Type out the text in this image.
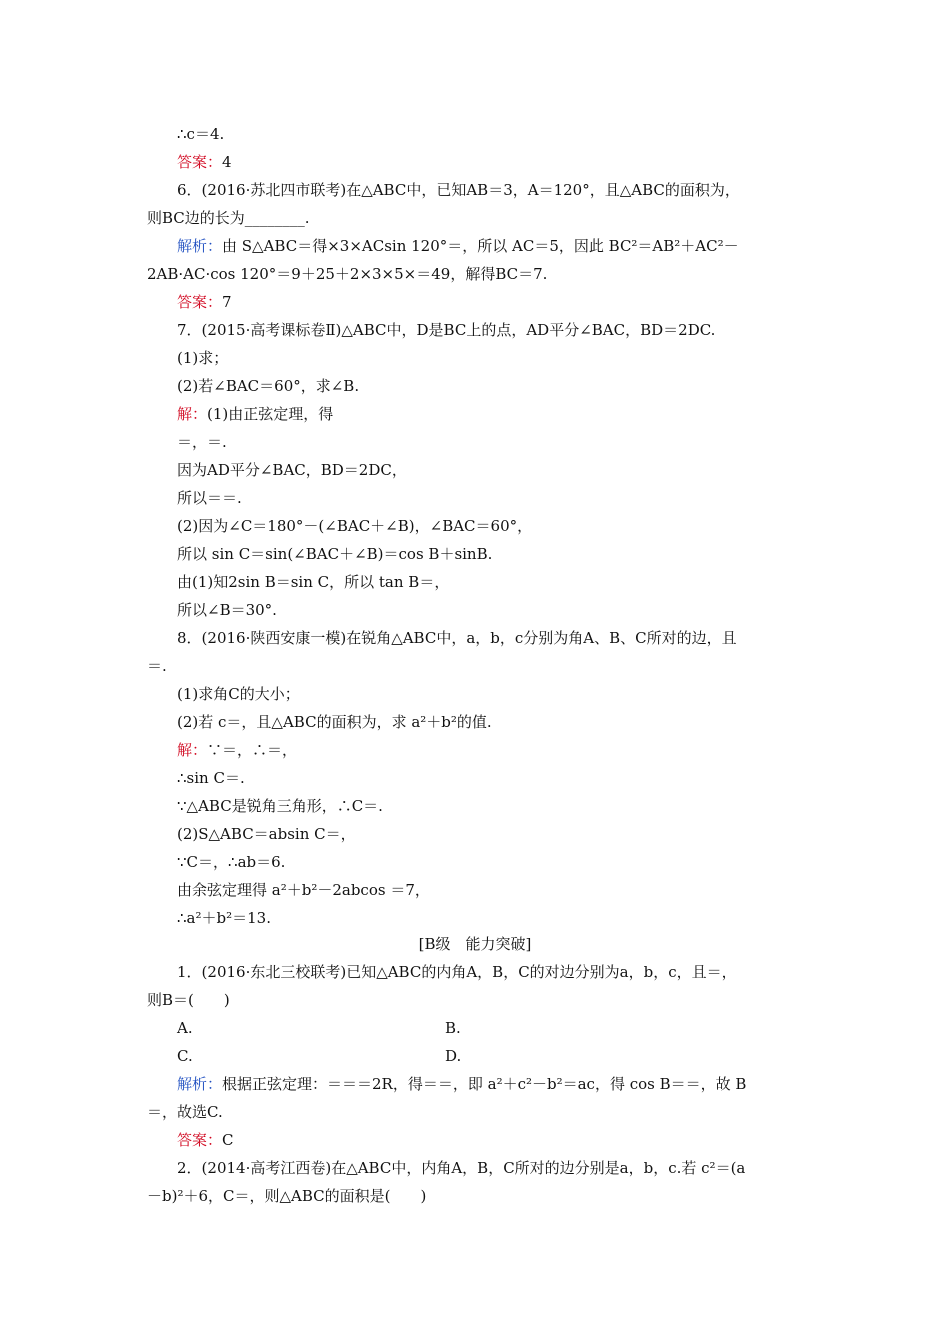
∴c＝4.
答案：4
6．(2016·苏北四市联考)在△ABC中，已知AB＝3，A＝120°，且△ABC的面积为，
则BC边的长为________.
解析：由 S△ABC＝得×3×ACsin 120°＝，所以 AC＝5，因此 BC²＝AB²＋AC²－
2AB·AC·cos 120°＝9＋25＋2×3×5×＝49，解得BC＝7.
答案：7
7．(2015·高考课标卷Ⅱ)△ABC中，D是BC上的点，AD平分∠BAC，BD＝2DC.
(1)求；
(2)若∠BAC＝60°，求∠B.
解：(1)由正弦定理，得
＝，＝.
因为AD平分∠BAC，BD＝2DC，
所以＝＝.
(2)因为∠C＝180°－(∠BAC＋∠B)，∠BAC＝60°，
所以 sin C＝sin(∠BAC＋∠B)＝cos B＋sinB.
由(1)知2sin B＝sin C，所以 tan B＝，
所以∠B＝30°.
8．(2016·陕西安康一模)在锐角△ABC中，a，b，c分别为角A、B、C所对的边，且
＝.
(1)求角C的大小；
(2)若 c＝，且△ABC的面积为，求 a²＋b²的值.
解：∵＝，∴＝，
∴sin C＝.
∵△ABC是锐角三角形，∴C＝.
(2)S△ABC＝absin C＝，
∵C＝，∴ab＝6.
由余弦定理得 a²＋b²－2abcos ＝7，
∴a²＋b²＝13.
[B级　能力突破]
1．(2016·东北三校联考)已知△ABC的内角A，B，C的对边分别为a，b，c，且＝，
则B＝(　　)
A.	B.
C.	D.
解析：根据正弦定理：＝＝＝2R，得＝＝，即 a²＋c²－b²＝ac，得 cos B＝＝，故 B
＝，故选C.
答案：C
2．(2014·高考江西卷)在△ABC中，内角A，B，C所对的边分别是a，b，c.若 c²＝(a
－b)²＋6，C＝，则△ABC的面积是(　　)
